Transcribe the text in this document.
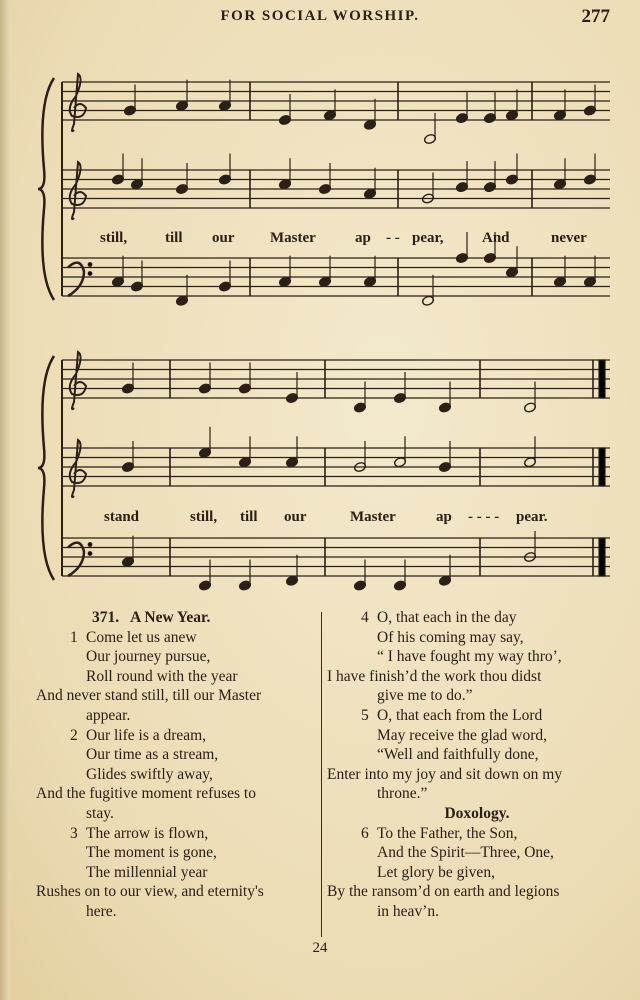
FOR SOCIAL WORSHIP.	277
still,	till our Master	ap - - pear,	And	never
stand	still, till our	Master	ap - - - - pear.
371. A New Year.
1 Come let us anew
Our journey pursue,
Roll round with the year
And never stand still, till our Master
appear.
2 Our life is a dream,
Our time as a stream,
Glides swiftly away,
And the fugitive moment refuses to
stay.
3 The arrow is flown,
The moment is gone,
The millennial year
Rushes on to our view, and eternity's
here.
4 O, that each in the day
Of his coming may say,
“ I have fought my way thro’,
I have finish’d the work thou didst
give me to do.”
5 O, that each from the Lord
May receive the glad word,
“Well and faithfully done,
Enter into my joy and sit down on my
throne.”
Doxology.
6 To the Father, the Son,
And the Spirit—Three, One,
Let glory be given,
By the ransom’d on earth and legions
in heav’n.
24
